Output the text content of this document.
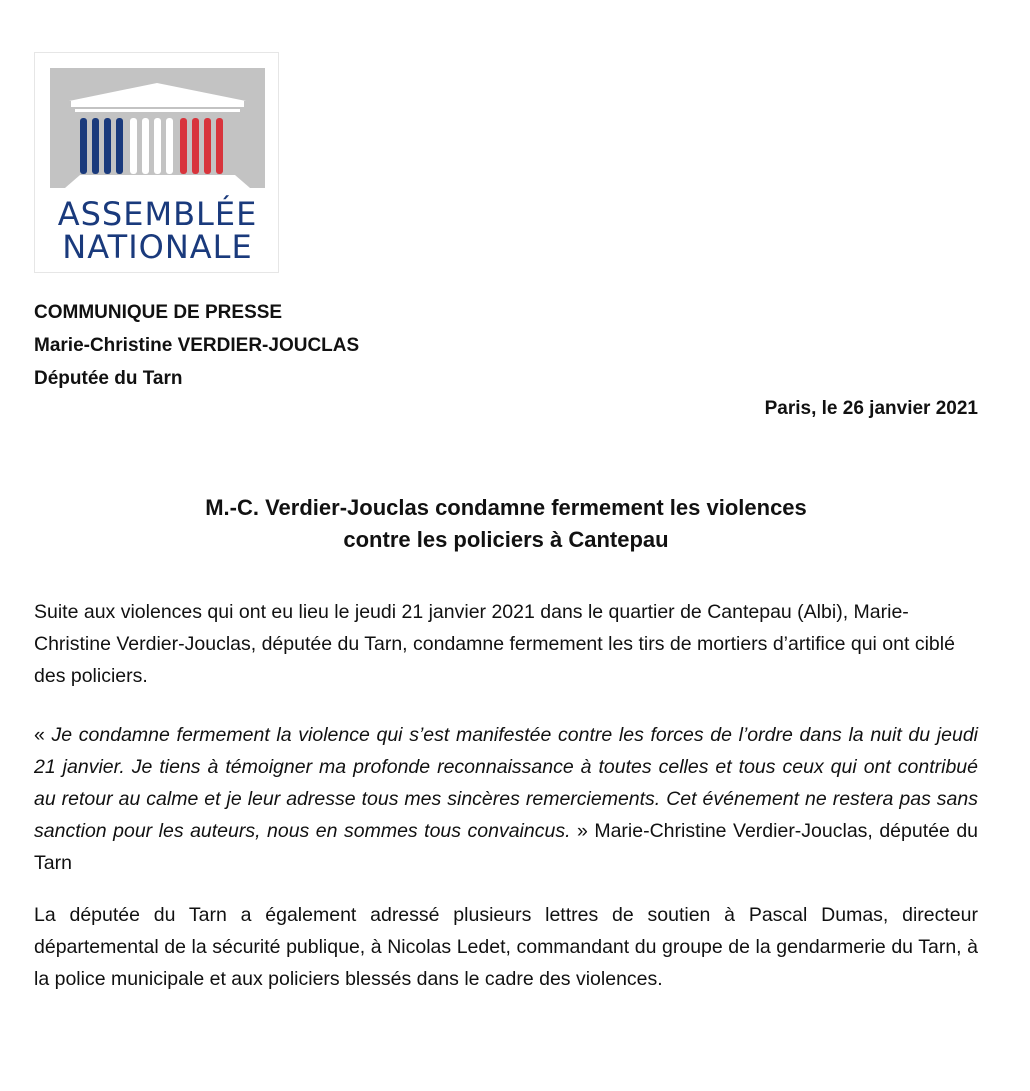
ASSEMBLÉE
NATIONALE
COMMUNIQUE DE PRESSE
Marie-Christine VERDIER-JOUCLAS
Députée du Tarn
Paris, le 26 janvier 2021
M.-C. Verdier-Jouclas condamne fermement les violences
contre les policiers à Cantepau
Suite aux violences qui ont eu lieu le jeudi 21 janvier 2021 dans le quartier de Cantepau (Albi), Marie-Christine Verdier-Jouclas, députée du Tarn, condamne fermement les tirs de mortiers d’artifice qui ont ciblé des policiers.
« Je condamne fermement la violence qui s’est manifestée contre les forces de l’ordre dans la nuit du jeudi 21 janvier. Je tiens à témoigner ma profonde reconnaissance à toutes celles et tous ceux qui ont contribué au retour au calme et je leur adresse tous mes sincères remerciements. Cet événement ne restera pas sans sanction pour les auteurs, nous en sommes tous convaincus. » Marie-Christine Verdier-Jouclas, députée du Tarn
La députée du Tarn a également adressé plusieurs lettres de soutien à Pascal Dumas, directeur départemental de la sécurité publique, à Nicolas Ledet, commandant du groupe de la gendarmerie du Tarn, à la police municipale et aux policiers blessés dans le cadre des violences.
